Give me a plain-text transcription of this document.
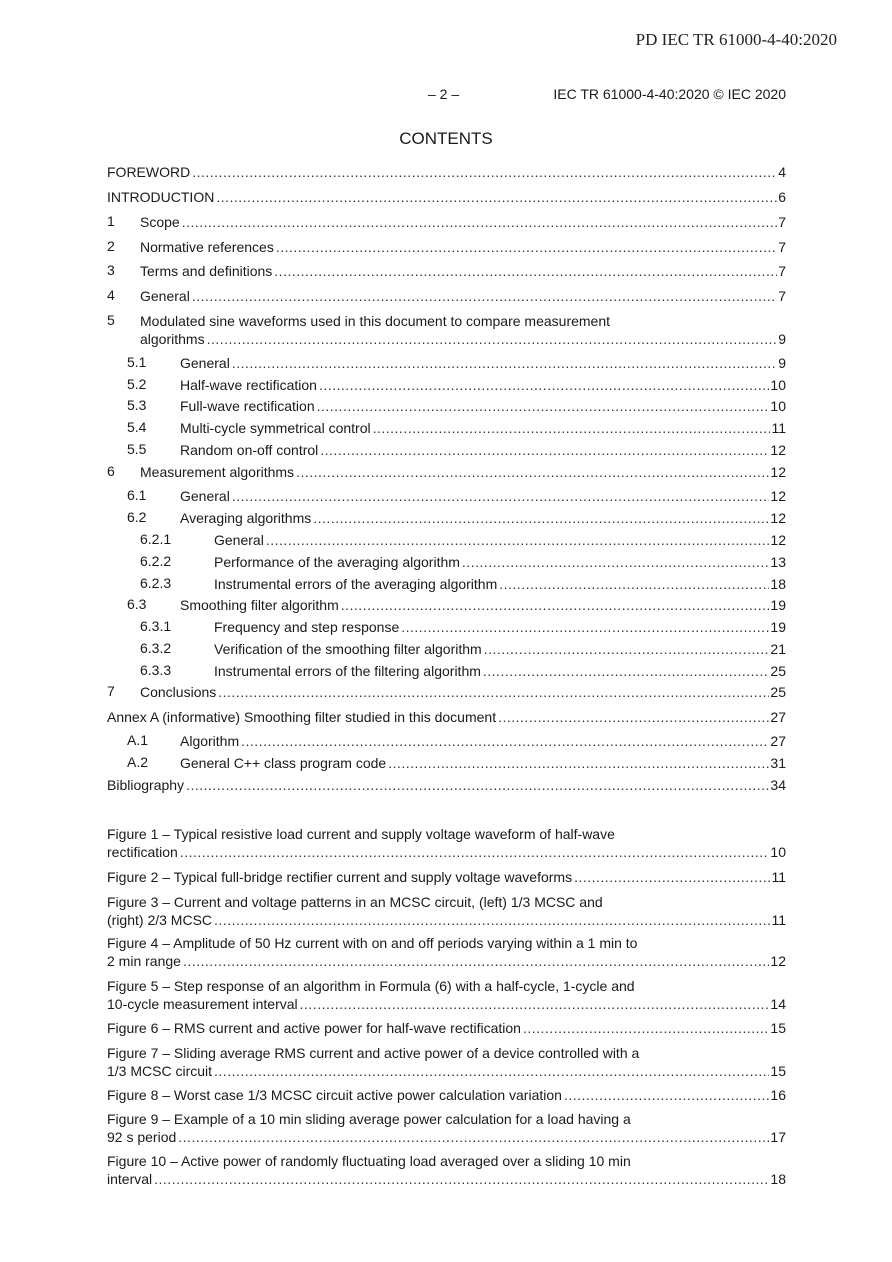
PD IEC TR 61000-4-40:2020
– 2 –	IEC TR 61000-4-40:2020 © IEC 2020
CONTENTS
FOREWORD .....	4
INTRODUCTION .....	6
1 Scope .....	7
2 Normative references .....	7
3 Terms and definitions .....	7
4 General .....	7
5 Modulated sine waveforms used in this document to compare measurement
algorithms .....	9
5.1 General .....	9
5.2 Half-wave rectification .....	10
5.3 Full-wave rectification .....	10
5.4 Multi-cycle symmetrical control .....	11
5.5 Random on-off control .....	12
6 Measurement algorithms .....	12
6.1 General .....	12
6.2 Averaging algorithms .....	12
6.2.1	General .....	12
6.2.2	Performance of the averaging algorithm .....	13
6.2.3	Instrumental errors of the averaging algorithm .....	18
6.3 Smoothing filter algorithm .....	19
6.3.1	Frequency and step response .....	19
6.3.2	Verification of the smoothing filter algorithm .....	21
6.3.3	Instrumental errors of the filtering algorithm .....	25
7 Conclusions .....	25
Annex A (informative) Smoothing filter studied in this document .....	27
A.1 Algorithm .....	27
A.2 General C++ class program code .....	31
Bibliography .....	34
Figure 1 – Typical resistive load current and supply voltage waveform of half-wave
rectification .....	10
Figure 2 – Typical full-bridge rectifier current and supply voltage waveforms .....	11
Figure 3 – Current and voltage patterns in an MCSC circuit, (left) 1/3 MCSC and
(right) 2/3 MCSC .....	11
Figure 4 – Amplitude of 50 Hz current with on and off periods varying within a 1 min to
2 min range .....	12
Figure 5 – Step response of an algorithm in Formula (6) with a half-cycle, 1-cycle and
10-cycle measurement interval .....	14
Figure 6 – RMS current and active power for half-wave rectification .....	15
Figure 7 – Sliding average RMS current and active power of a device controlled with a
1/3 MCSC circuit .....	15
Figure 8 – Worst case 1/3 MCSC circuit active power calculation variation .....	16
Figure 9 – Example of a 10 min sliding average power calculation for a load having a
92 s period .....	17
Figure 10 – Active power of randomly fluctuating load averaged over a sliding 10 min
interval .....	18
